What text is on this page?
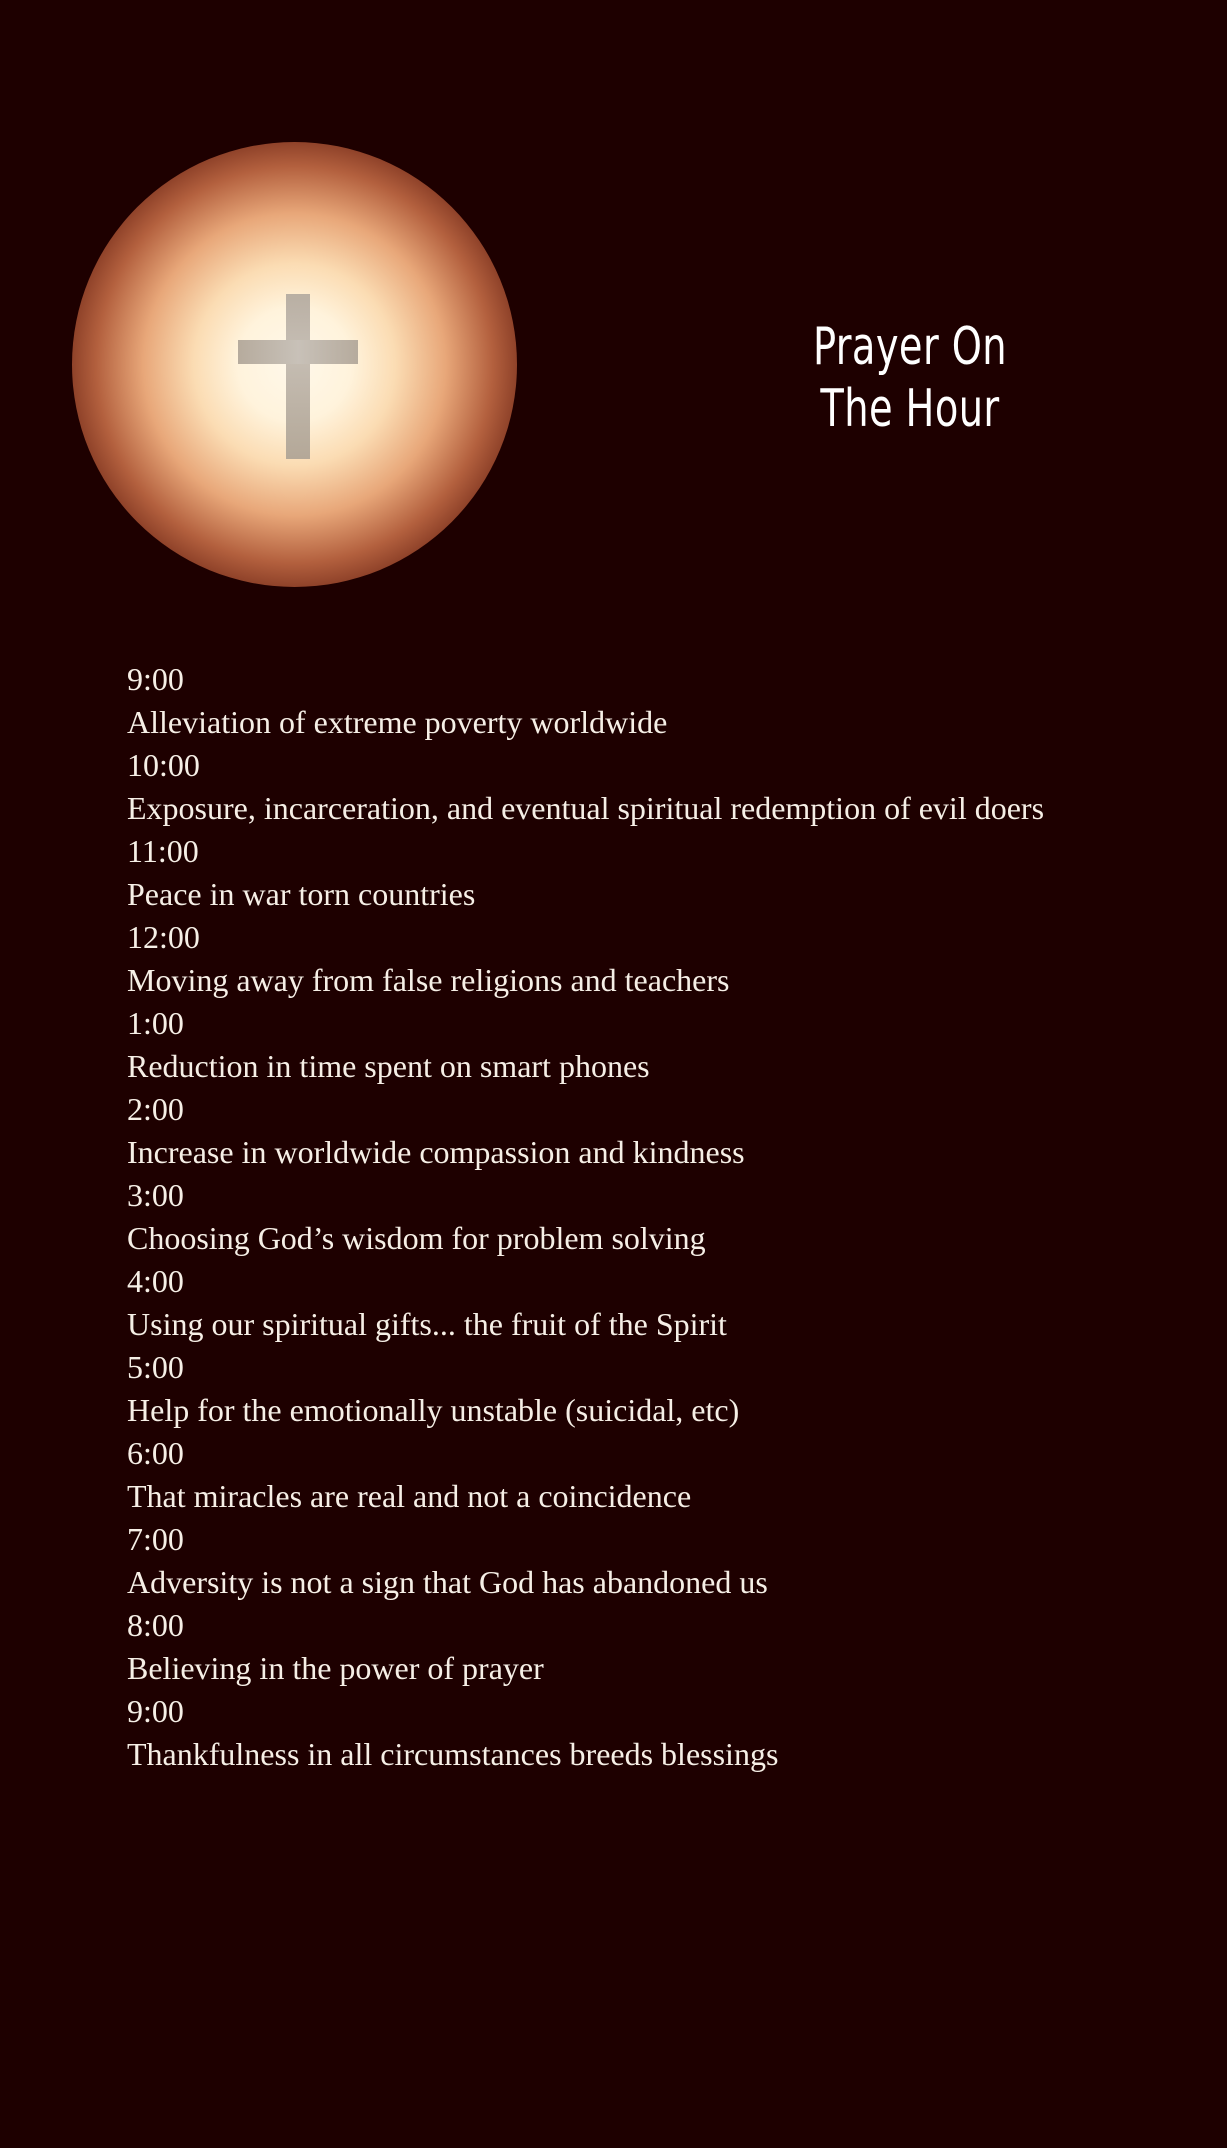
Prayer On
The Hour
9:00
Alleviation of extreme poverty worldwide
10:00
Exposure, incarceration, and eventual spiritual redemption of evil doers
11:00
Peace in war torn countries
12:00
Moving away from false religions and teachers
1:00
Reduction in time spent on smart phones
2:00
Increase in worldwide compassion and kindness
3:00
Choosing God’s wisdom for problem solving
4:00
Using our spiritual gifts... the fruit of the Spirit
5:00
Help for the emotionally unstable (suicidal, etc)
6:00
That miracles are real and not a coincidence
7:00
Adversity is not a sign that God has abandoned us
8:00
Believing in the power of prayer
9:00
Thankfulness in all circumstances breeds blessings
